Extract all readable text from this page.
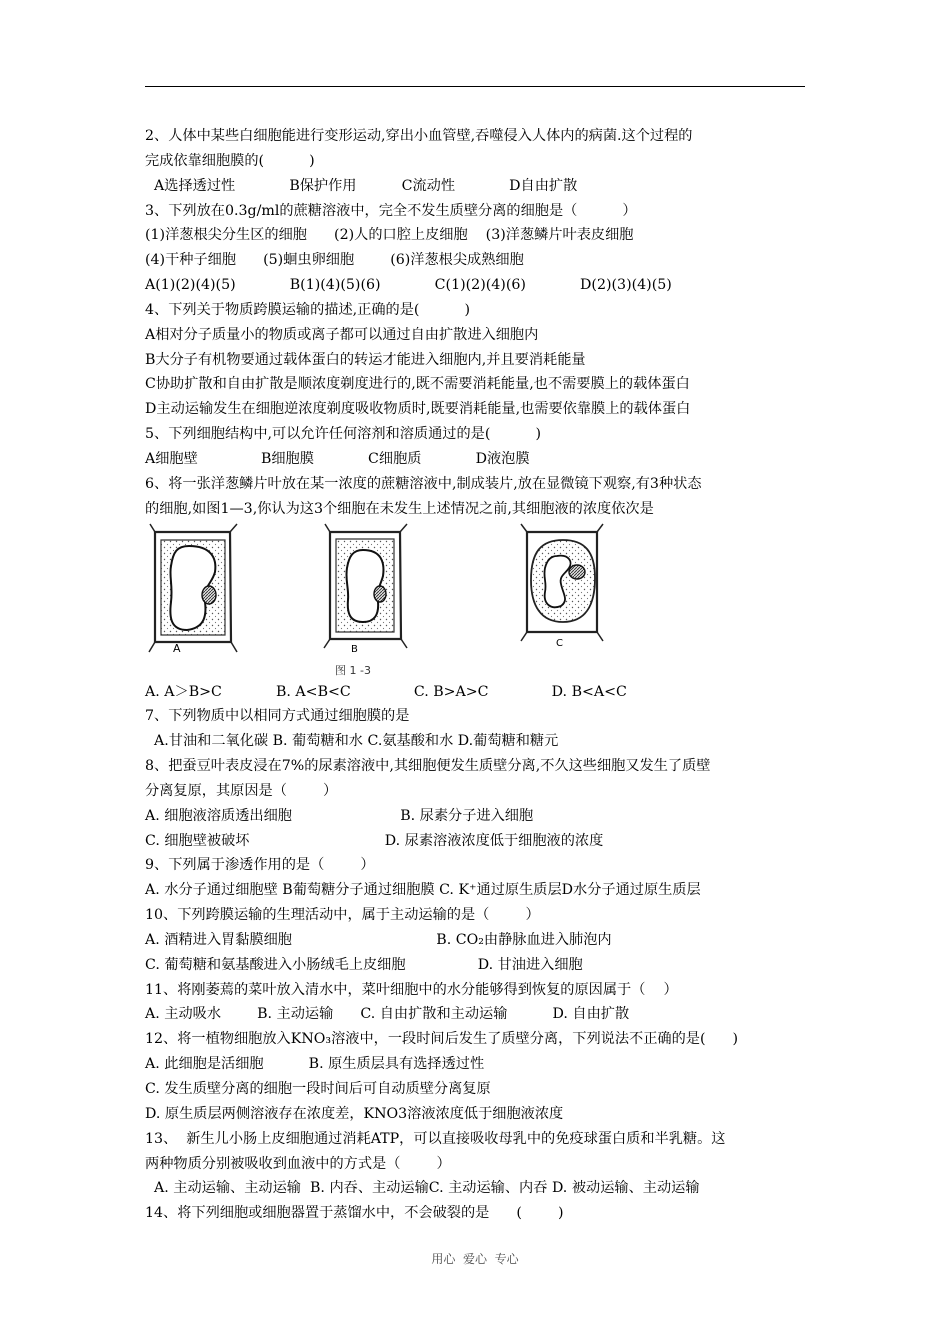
2、人体中某些白细胞能进行变形运动,穿出小血管壁,吞噬侵入人体内的病菌.这个过程的
完成依靠细胞膜的(          )
A选择透过性            B保护作用          C流动性            D自由扩散
3、下列放在0.3g/ml的蔗糖溶液中，完全不发生质壁分离的细胞是（          ）
(1)洋葱根尖分生区的细胞      (2)人的口腔上皮细胞    (3)洋葱鳞片叶表皮细胞
(4)干种子细胞      (5)蛔虫卵细胞        (6)洋葱根尖成熟细胞
A(1)(2)(4)(5)            B(1)(4)(5)(6)            C(1)(2)(4)(6)            D(2)(3)(4)(5)
4、下列关于物质跨膜运输的描述,正确的是(          )
A相对分子质量小的物质或离子都可以通过自由扩散进入细胞内
B大分子有机物要通过载体蛋白的转运才能进入细胞内,并且要消耗能量
C协助扩散和自由扩散是顺浓度剃度进行的,既不需要消耗能量,也不需要膜上的载体蛋白
D主动运输发生在细胞逆浓度剃度吸收物质时,既要消耗能量,也需要依靠膜上的载体蛋白
5、下列细胞结构中,可以允许任何溶剂和溶质通过的是(          )
A细胞壁              B细胞膜            C细胞质            D液泡膜
6、将一张洋葱鳞片叶放在某一浓度的蔗糖溶液中,制成装片,放在显微镜下观察,有3种状态
的细胞,如图1—3,你认为这3个细胞在未发生上述情况之前,其细胞液的浓度依次是
A	B
图 1 -3
C
A. A＞B>C            B. A<B<C              C. B>A>C              D. B<A<C
7、下列物质中以相同方式通过细胞膜的是
A.甘油和二氧化碳 B. 葡萄糖和水 C.氨基酸和水 D.葡萄糖和糖元
8、把蚕豆叶表皮浸在7%的尿素溶液中,其细胞便发生质壁分离,不久这些细胞又发生了质壁
分离复原，其原因是（        ）
A. 细胞液溶质透出细胞                        B. 尿素分子进入细胞
C. 细胞壁被破坏                              D. 尿素溶液浓度低于细胞液的浓度
9、下列属于渗透作用的是（        ）
A. 水分子通过细胞壁 B葡萄糖分子通过细胞膜 C. K⁺通过原生质层D水分子通过原生质层
10、下列跨膜运输的生理活动中，属于主动运输的是（        ）
A. 酒精进入胃黏膜细胞                                B. CO₂由静脉血进入肺泡内
C. 葡萄糖和氨基酸进入小肠绒毛上皮细胞                D. 甘油进入细胞
11、将刚萎蔫的菜叶放入清水中，菜叶细胞中的水分能够得到恢复的原因属于（    ）
A. 主动吸水        B. 主动运输      C. 自由扩散和主动运输          D. 自由扩散
12、将一植物细胞放入KNO₃溶液中，一段时间后发生了质壁分离，下列说法不正确的是(      )
A. 此细胞是活细胞          B. 原生质层具有选择透过性
C. 发生质壁分离的细胞一段时间后可自动质壁分离复原
D. 原生质层两侧溶液存在浓度差，KNO3溶液浓度低于细胞液浓度
13、  新生儿小肠上皮细胞通过消耗ATP，可以直接吸收母乳中的免疫球蛋白质和半乳糖。这
两种物质分别被吸收到血液中的方式是（        ）
A. 主动运输、主动运输  B. 内吞、主动运输C. 主动运输、内吞 D. 被动运输、主动运输
14、将下列细胞或细胞器置于蒸馏水中，不会破裂的是      (        )
用心  爱心  专心
